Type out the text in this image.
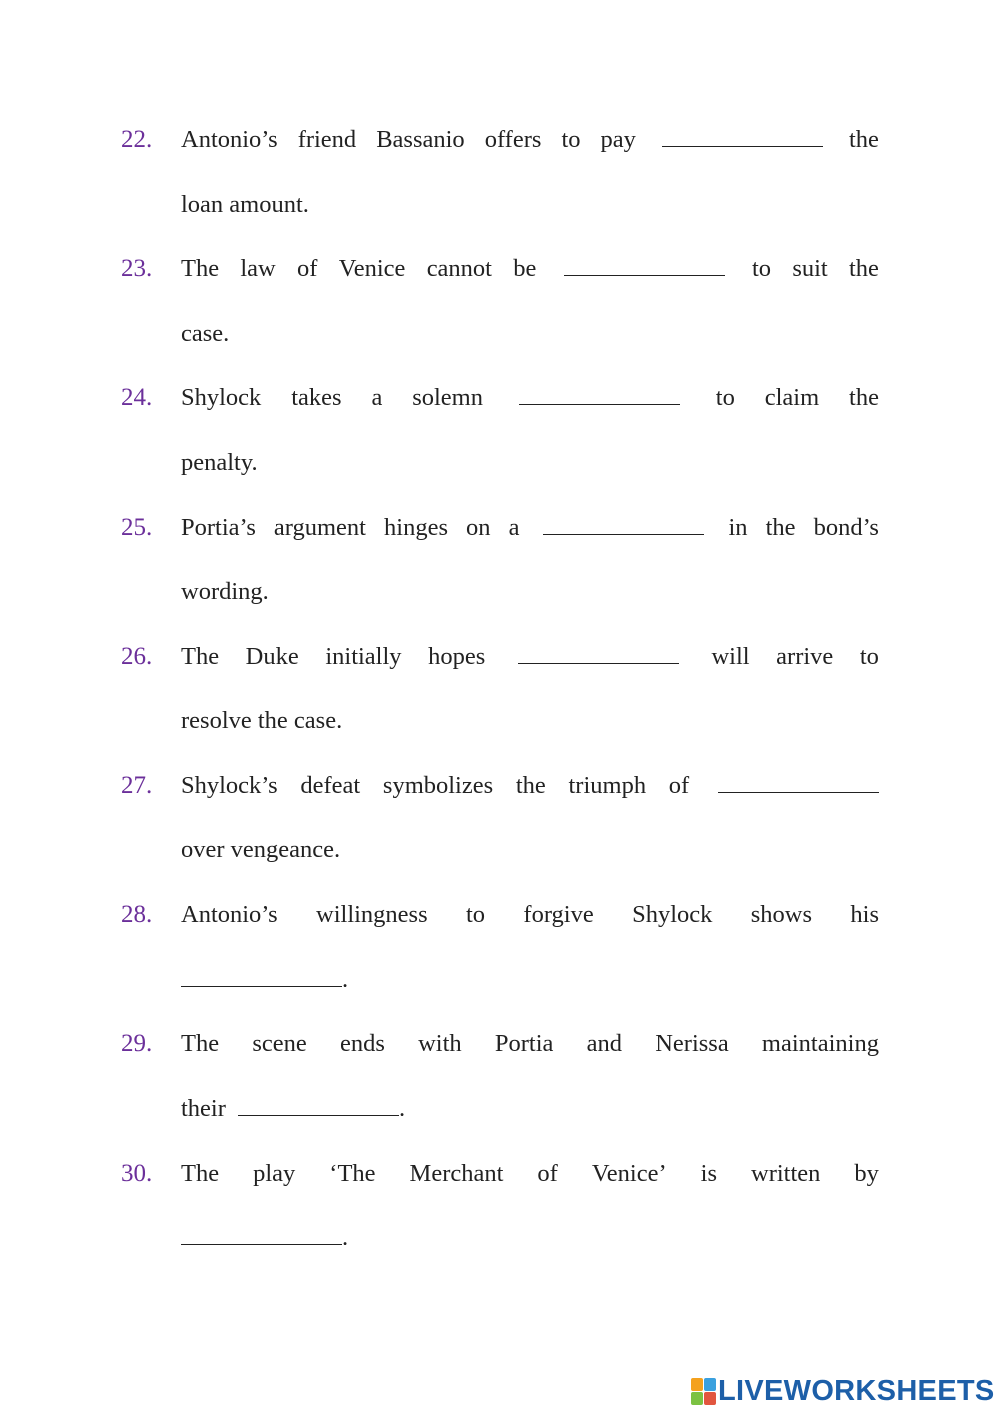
22. Antonio’s friend Bassanio offers to pay	the
loan amount.
23. The law of Venice cannot be	to suit the
case.
24. Shylock takes a solemn	to claim the
penalty.
25. Portia’s argument hinges on a	in the bond’s
wording.
26. The Duke initially hopes	will arrive to
resolve the case.
27. Shylock’s defeat symbolizes the triumph of
over vengeance.
28. Antonio’s willingness to forgive Shylock shows his
.
29. The scene ends with Portia and Nerissa maintaining
their	.
30. The play ‘The Merchant of Venice’ is written by
.
LIVEWORKSHEETS
